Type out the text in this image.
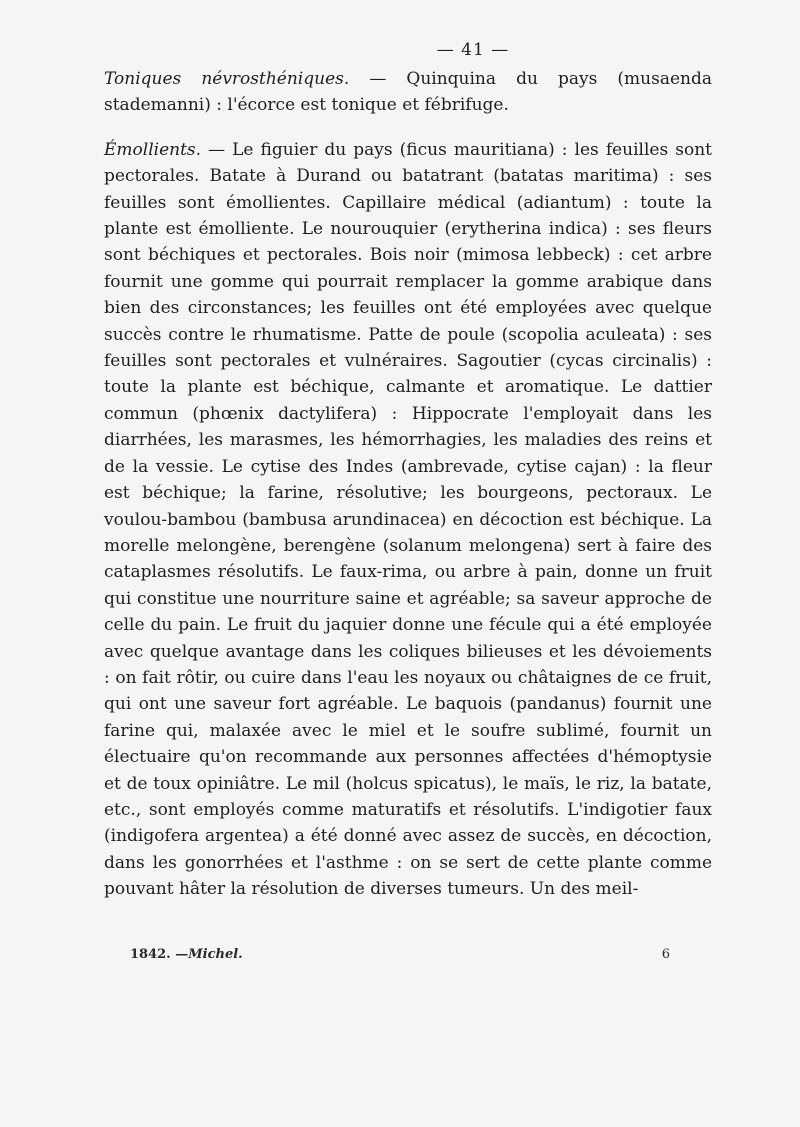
— 41 —

Toniques névrosthéniques. — Quinquina du pays (musaenda stademanni) : l'écorce est tonique et fébrifuge.

Émollients. — Le figuier du pays (ficus mauritiana) : les feuilles sont pectorales. Batate à Durand ou batatrant (batatas maritima) : ses feuilles sont émollientes. Capillaire médical (adiantum) : toute la plante est émolliente. Le nourouquier (erytherina indica) : ses fleurs sont béchiques et pectorales. Bois noir (mimosa lebbeck) : cet arbre fournit une gomme qui pourrait remplacer la gomme arabique dans bien des circonstances; les feuilles ont été employées avec quelque succès contre le rhumatisme. Patte de poule (scopolia aculeata) : ses feuilles sont pectorales et vulnéraires. Sagoutier (cycas circinalis) : toute la plante est béchique, calmante et aromatique. Le dattier commun (phœnix dactylifera) : Hippocrate l'employait dans les diarrhées, les marasmes, les hémorrhagies, les maladies des reins et de la vessie. Le cytise des Indes (ambrevade, cytise cajan) : la fleur est béchique; la farine, résolutive; les bourgeons, pectoraux. Le voulou-bambou (bambusa arundinacea) en décoction est béchique. La morelle melongène, berengène (solanum melongena) sert à faire des cataplasmes résolutifs. Le faux-rima, ou arbre à pain, donne un fruit qui constitue une nourriture saine et agréable; sa saveur approche de celle du pain. Le fruit du jaquier donne une fécule qui a été employée avec quelque avantage dans les coliques bilieuses et les dévoiements : on fait rôtir, ou cuire dans l'eau les noyaux ou châtaignes de ce fruit, qui ont une saveur fort agréable. Le baquois (pandanus) fournit une farine qui, malaxée avec le miel et le soufre sublimé, fournit un électuaire qu'on recommande aux personnes affectées d'hémoptysie et de toux opiniâtre. Le mil (holcus spicatus), le maïs, le riz, la batate, etc., sont employés comme maturatifs et résolutifs. L'indigotier faux (indigofera argentea) a été donné avec assez de succès, en décoction, dans les gonorrhées et l'asthme : on se sert de cette plante comme pouvant hâter la résolution de diverses tumeurs. Un des meil-

1842. —Michel.	6
